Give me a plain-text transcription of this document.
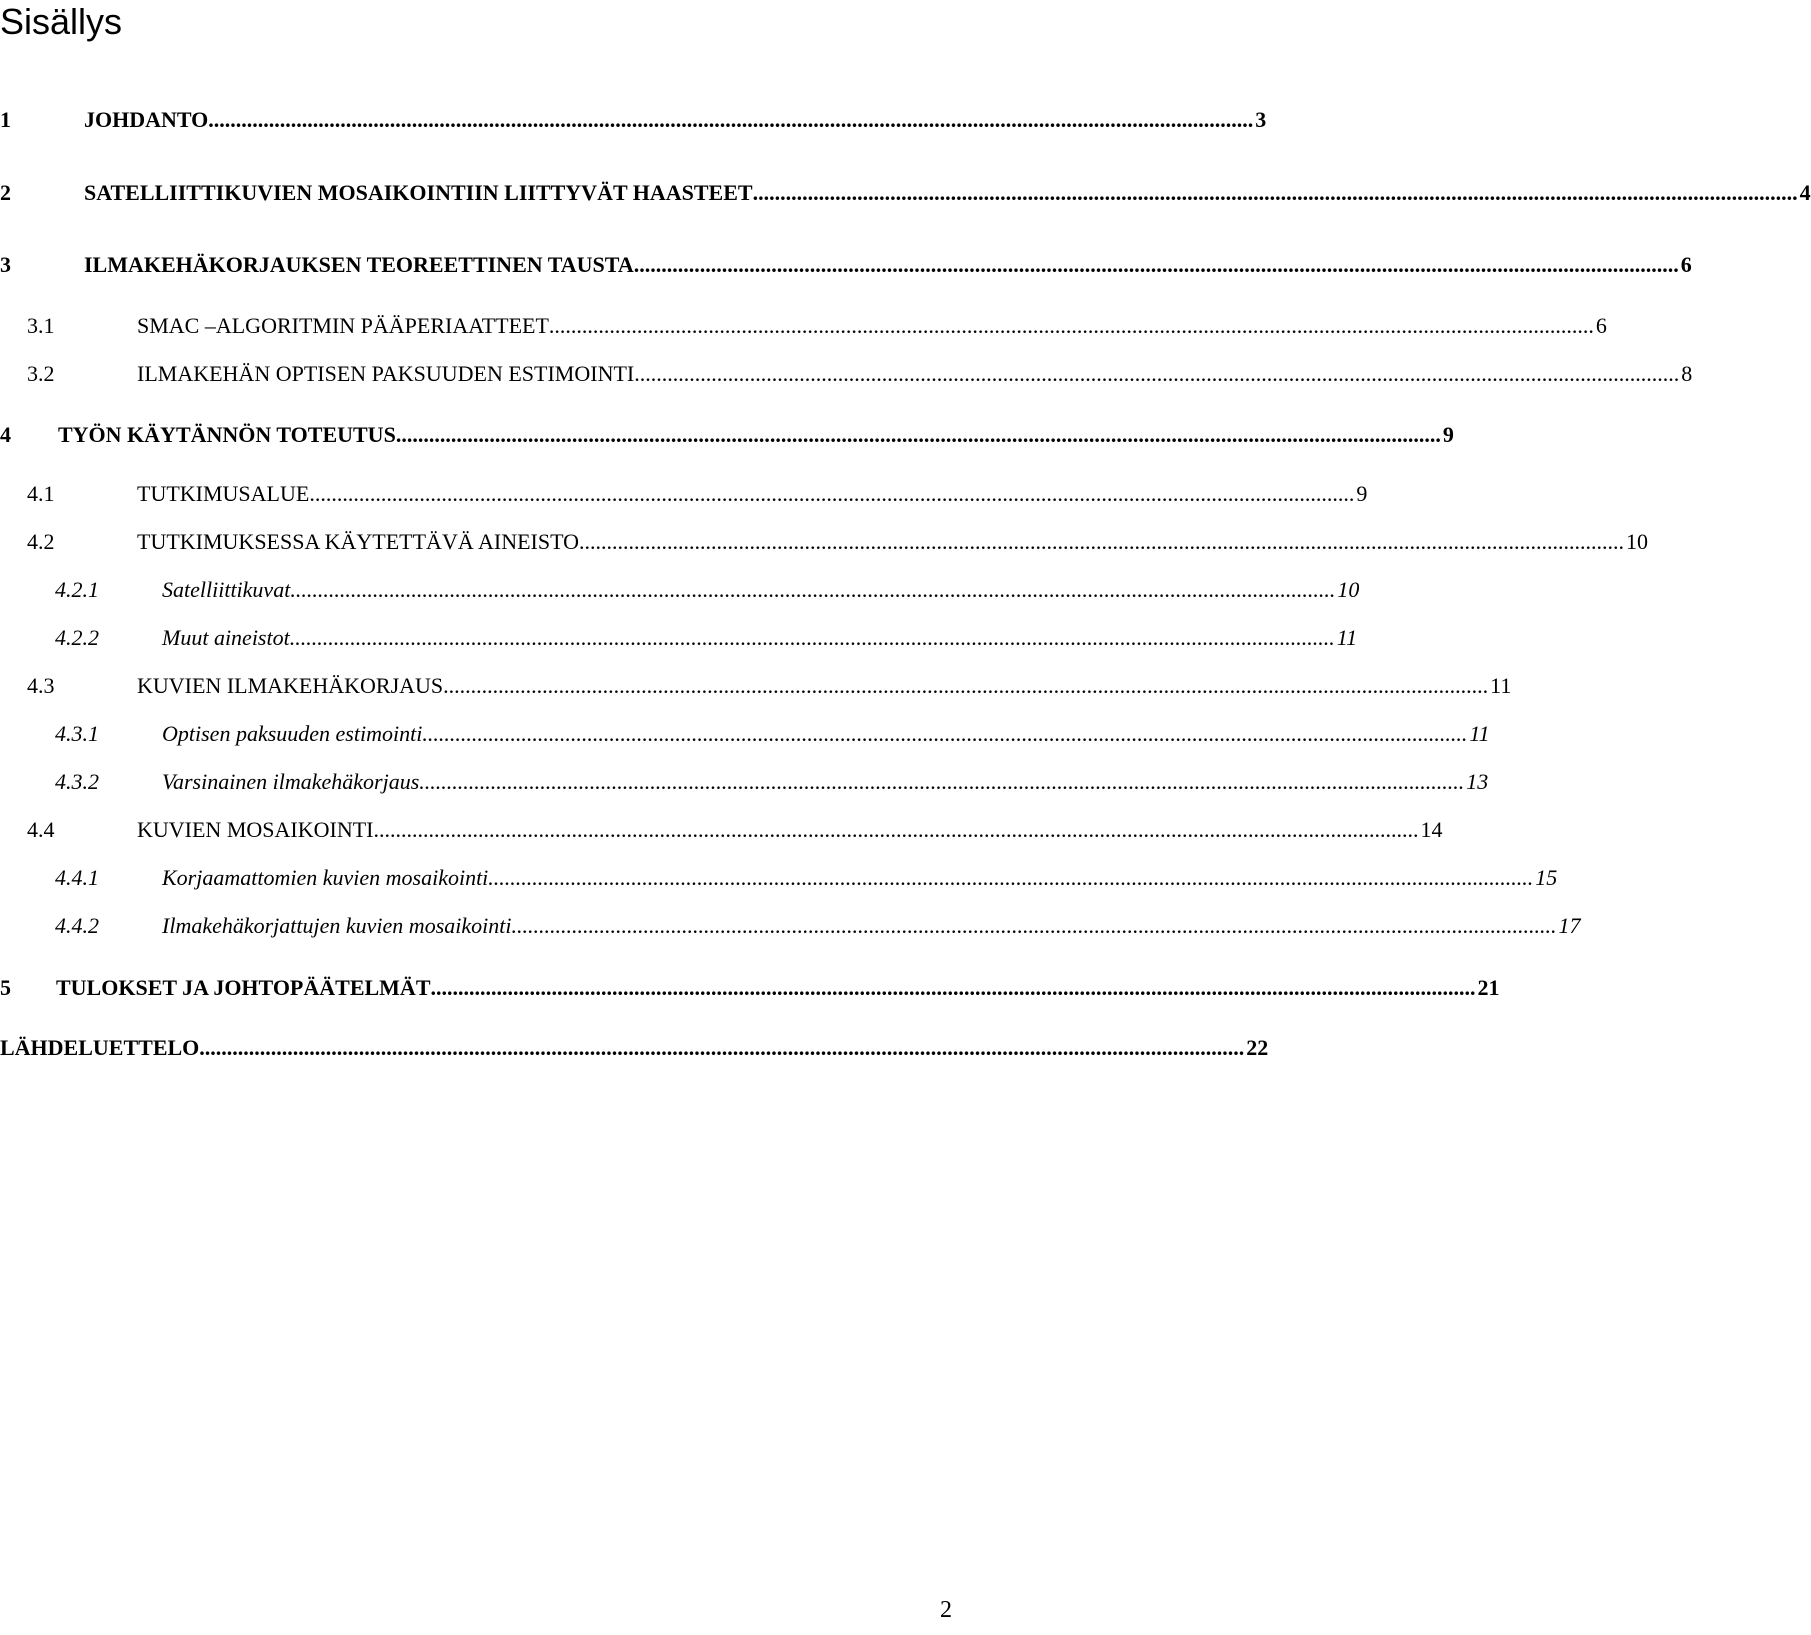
Sisällys
1	JOHDANTO .............................................................................................................................................................................................. 3
2	SATELLIITTIKUVIEN MOSAIKOINTIIN LIITTYVÄT HAASTEET .............................................................................................................................................................................................. 4
3	ILMAKEHÄKORJAUKSEN TEOREETTINEN TAUSTA .............................................................................................................................................................................................. 6
3.1	SMAC –ALGORITMIN PÄÄPERIAATTEET .............................................................................................................................................................................................. 6
3.2	ILMAKEHÄN OPTISEN PAKSUUDEN ESTIMOINTI .............................................................................................................................................................................................. 8
4 TYÖN KÄYTÄNNÖN TOTEUTUS .............................................................................................................................................................................................. 9
4.1	TUTKIMUSALUE .............................................................................................................................................................................................. 9
4.2	TUTKIMUKSESSA KÄYTETTÄVÄ AINEISTO .............................................................................................................................................................................................. 10
4.2.1	Satelliittikuvat .............................................................................................................................................................................................. 10
4.2.2	Muut aineistot .............................................................................................................................................................................................. 11
4.3	KUVIEN ILMAKEHÄKORJAUS .............................................................................................................................................................................................. 11
4.3.1	Optisen paksuuden estimointi .............................................................................................................................................................................................. 11
4.3.2	Varsinainen ilmakehäkorjaus .............................................................................................................................................................................................. 13
4.4	KUVIEN MOSAIKOINTI .............................................................................................................................................................................................. 14
4.4.1	Korjaamattomien kuvien mosaikointi .............................................................................................................................................................................................. 15
4.4.2	Ilmakehäkorjattujen kuvien mosaikointi .............................................................................................................................................................................................. 17
5 TULOKSET JA JOHTOPÄÄTELMÄT .............................................................................................................................................................................................. 21
LÄHDELUETTELO .............................................................................................................................................................................................. 22
2
